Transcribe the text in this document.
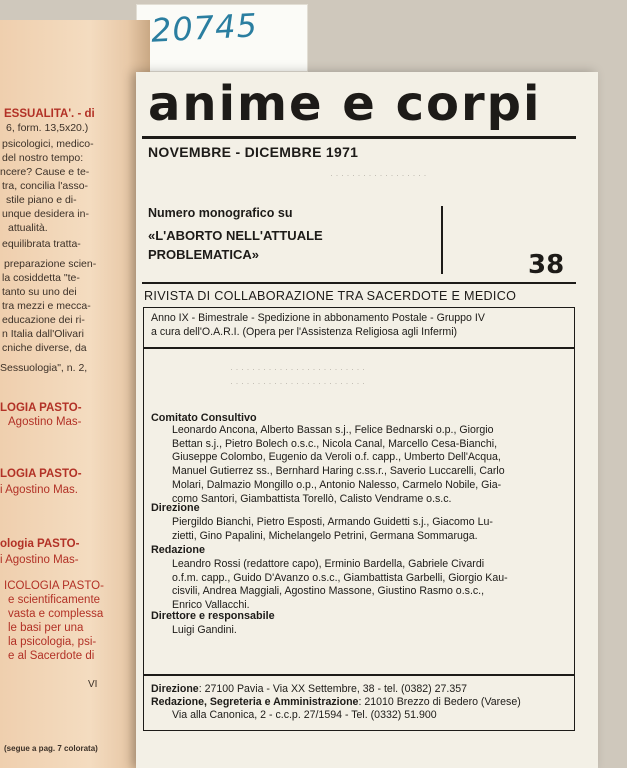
20745
ESSUALITA'. - di
6, form. 13,5x20.)
psicologici, medico-
del nostro tempo:
ncere? Cause e te-
tra, concilia l'asso-
stile piano e di-
unque desidera in-
attualità.
equilibrata tratta-
preparazione scien-
la cosiddetta "te-
tanto su uno dei
tra mezzi e mecca-
educazione dei ri-
n Italia dall'Olivari
cniche diverse, da
Sessuologia", n. 2,
LOGIA PASTO-
Agostino Mas-
LOGIA PASTO-
i Agostino Mas.
ologia PASTO-
i Agostino Mas-
ICOLOGIA PASTO-
e scientificamente
vasta e complessa
le basi per una
la psicologia, psi-
e al Sacerdote di
VI
(segue a pag. 7 colorata)
· · · · · · · · · · · · · · · · · ·
anime e corpi
NOVEMBRE - DICEMBRE 1971
Numero monografico su
«L'ABORTO NELL'ATTUALE
PROBLEMATICA»	38
RIVISTA DI COLLABORAZIONE TRA SACERDOTE E MEDICO
Anno IX - Bimestrale - Spedizione in abbonamento Postale - Gruppo IV
a cura dell'O.A.R.I. (Opera per l'Assistenza Religiosa agli Infermi)
· · · · · · · · · · · · · · · · · · · · · · · · ·
· · · · · · · · · · · · · · · · · · · · · · · · ·
Comitato Consultivo
Leonardo Ancona, Alberto Bassan s.j., Felice Bednarski o.p., Giorgio
Bettan s.j., Pietro Bolech o.s.c., Nicola Canal, Marcello Cesa-Bianchi,
Giuseppe Colombo, Eugenio da Veroli o.f. capp., Umberto Dell'Acqua,
Manuel Gutierrez ss., Bernhard Haring c.ss.r., Saverio Luccarelli, Carlo
Molari, Dalmazio Mongillo o.p., Antonio Nalesso, Carmelo Nobile, Gia-
como Santori, Giambattista Torellò, Calisto Vendrame o.s.c.
Direzione
Piergildo Bianchi, Pietro Esposti, Armando Guidetti s.j., Giacomo Lu-
zietti, Gino Papalini, Michelangelo Petrini, Germana Sommaruga.
Redazione
Leandro Rossi (redattore capo), Erminio Bardella, Gabriele Civardi
o.f.m. capp., Guido D'Avanzo o.s.c., Giambattista Garbelli, Giorgio Kau-
cisvili, Andrea Maggiali, Agostino Massone, Giustino Rasmo o.s.c.,
Enrico Vallacchi.
Direttore e responsabile
Luigi Gandini.
Direzione: 27100 Pavia - Via XX Settembre, 38 - tel. (0382) 27.357
Redazione, Segreteria e Amministrazione: 21010 Brezzo di Bedero (Varese)
Via alla Canonica, 2 - c.c.p. 27/1594 - Tel. (0332) 51.900
